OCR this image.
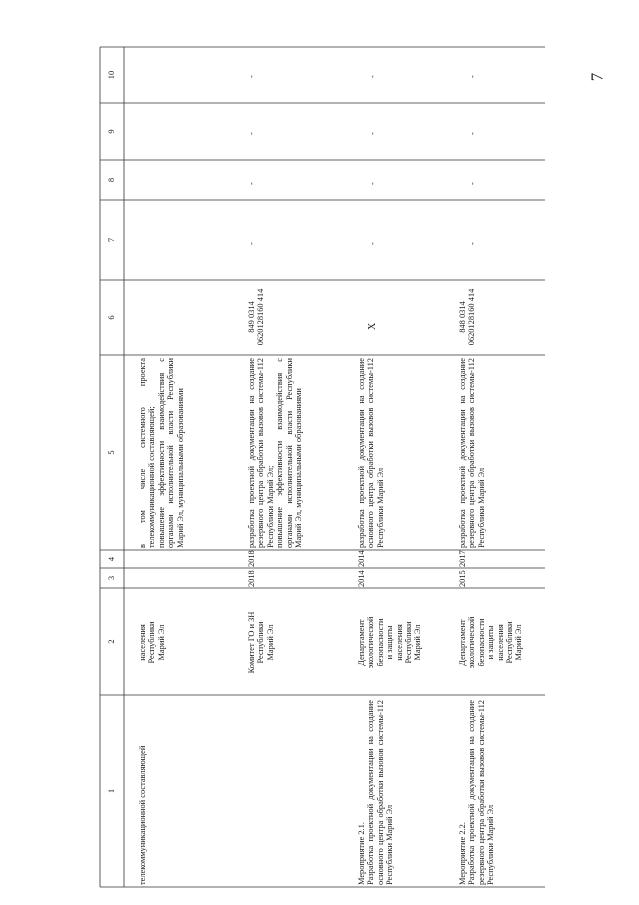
7
10
9
8
7
6
5
4
3
2
1	телекоммуникационной составляющей
населения
Республики
Марий Эл
в том числе системного проекта телекоммуникационной составляющей;
повышение эффективности взаимодействия с органами исполнительной власти Республики Марий Эл, муниципальными образованиями
Комитет ГО и ЗН
Республики
Марий Эл
2018
2018
разработка проектной документации на создание резервного центра обработки вызовов системы-112 Республики Марий Эл;
повышение эффективности взаимодействия с органами исполнительной власти Республики Марий Эл, муниципальными образованиями
849 0314
0620128160 414
-
-
-
-
Мероприятие 2.1.
Разработка проектной документации на создание основного центра обработки вызовов системы-112 Республики Марий Эл
Департамент
экологической
безопасности
и защиты
населения
Республики
Марий Эл
2014
2014
разработка проектной документации на создание основного центра обработки вызовов системы-112 Республики Марий Эл
X
-
-
-
-
Мероприятие 2.2.
Разработка проектной документации на создание резервного центра обработки вызовов системы-112 Республики Марий Эл
Департамент
экологической
безопасности
и защиты
населения
Республики
Марий Эл
2015
2017
разработка проектной документации на создание резервного центра обработки вызовов системы-112 Республики Марий Эл
848 0314
0620128160 414
-
-
-
-
